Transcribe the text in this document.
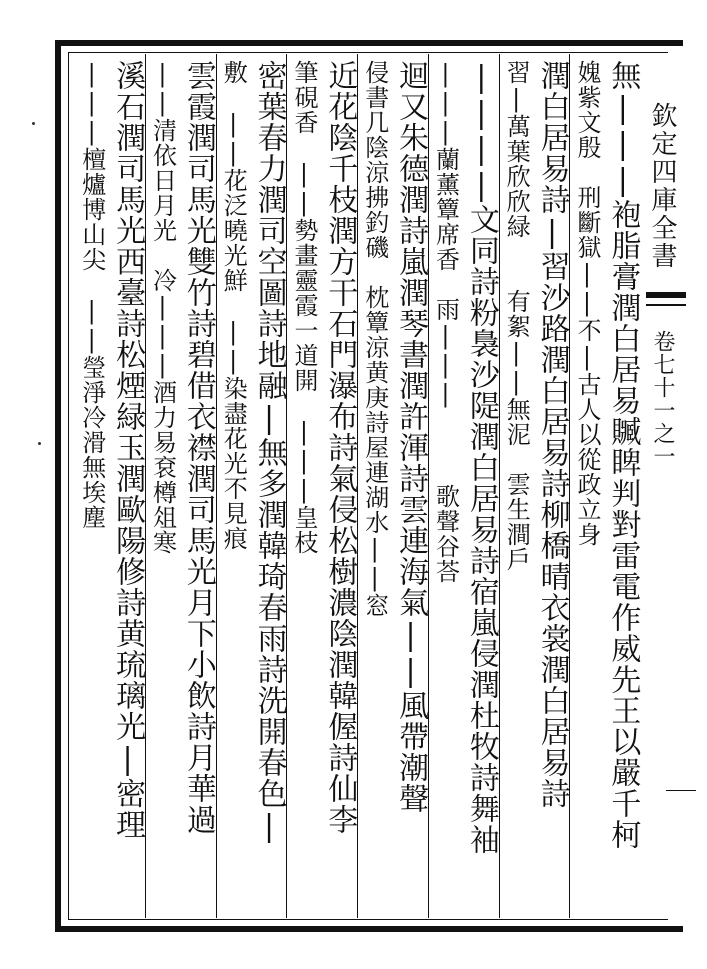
欽定四庫全書
卷七十一之一
無|||袍脂膏潤白居易贓睥判對雷電作威先王以嚴千柯
媿紫文殷　刑斷獄||不|古人以從政立身
潤白居易詩|習沙路潤白居易詩柳橋晴衣裳潤白居易詩
習|萬葉欣欣緑　　有絮||無泥　雲生澗戶
||||文同詩粉裊沙隄潤白居易詩宿嵐侵潤杜牧詩舞袖
|||蘭薰簟席香　雨|||　　　歌聲谷荅
迴又朱德潤詩嵐潤琴書潤許渾詩雲連海氣||風帶潮聲
侵書几陰涼拂釣磯　枕簟涼黄庚詩屋連湖水||窓
近花陰千枝潤方干石門瀑布詩氣侵松樹濃陰潤韓偓詩仙李
筆硯香　||勢畫靈霞一道開　|||皇枝
密葉春力潤司空圖詩地融|無多潤韓琦春雨詩洗開春色|
敷　||花泛曉光鮮　||染盡花光不見痕
雲霞潤司馬光雙竹詩碧借衣襟潤司馬光月下小飲詩月華過
||清依日月光　冷|||酒力易袞樽俎寒
溪石潤司馬光西臺詩松煙緑玉潤歐陽修詩黄琉璃光|密理
|||檀爐博山尖　||瑩淨冷滑無埃塵
